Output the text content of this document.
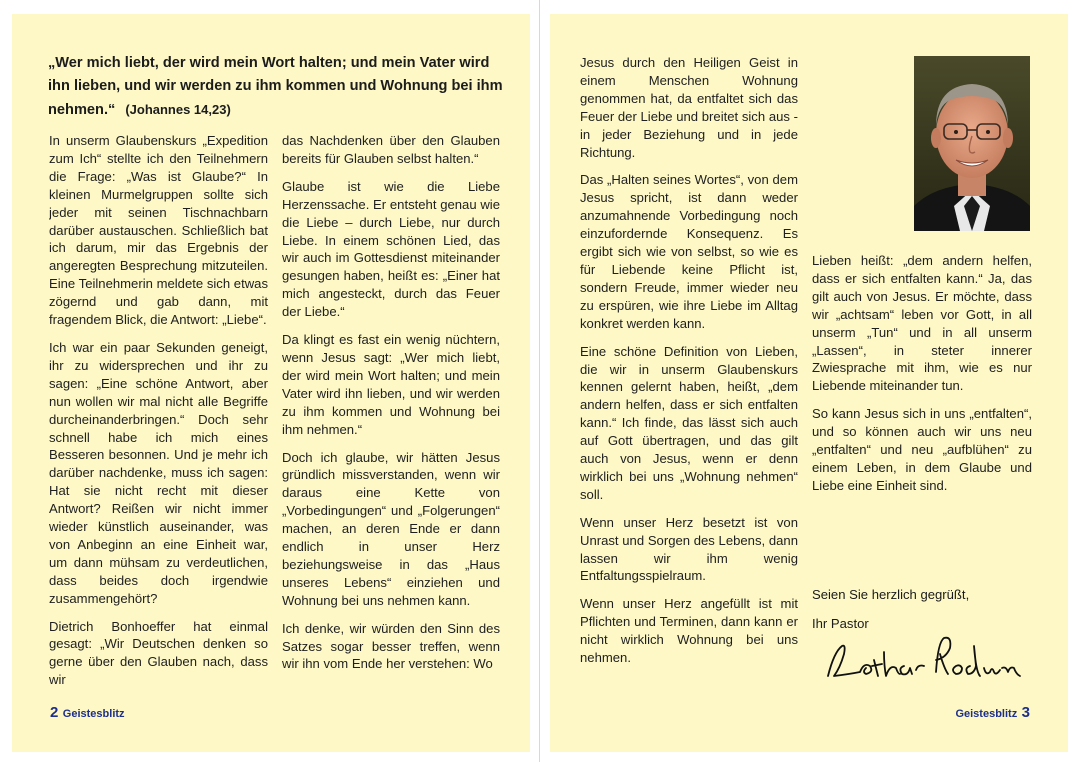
„Wer mich liebt, der wird mein Wort halten; und mein Vater wird ihn lieben, und wir werden zu ihm kommen und Wohnung bei ihm nehmen.“ (Johannes 14,23)

In unserm Glaubenskurs „Expedition zum Ich“ stellte ich den Teilnehmern die Frage: „Was ist Glaube?“ In kleinen Murmelgruppen sollte sich jeder mit seinen Tischnachbarn darüber austauschen. Schließlich bat ich darum, mir das Ergebnis der angeregten Besprechung mitzuteilen. Eine Teilnehmerin meldete sich etwas zögernd und gab dann, mit fragendem Blick, die Antwort: „Liebe“.

Ich war ein paar Sekunden geneigt, ihr zu widersprechen und ihr zu sagen: „Eine schöne Antwort, aber nun wollen wir mal nicht alle Begriffe durcheinanderbringen.“ Doch sehr schnell habe ich mich eines Besseren besonnen. Und je mehr ich darüber nachdenke, muss ich sagen: Hat sie nicht recht mit dieser Antwort? Reißen wir nicht immer wieder künstlich auseinander, was von Anbeginn an eine Einheit war, um dann mühsam zu verdeutlichen, dass beides doch irgendwie zusammengehört?

Dietrich Bonhoeffer hat einmal gesagt: „Wir Deutschen denken so gerne über den Glauben nach, dass wir

das Nachdenken über den Glauben bereits für Glauben selbst halten.“

Glaube ist wie die Liebe Herzenssache. Er entsteht genau wie die Liebe – durch Liebe, nur durch Liebe. In einem schönen Lied, das wir auch im Gottesdienst miteinander gesungen haben, heißt es: „Einer hat mich angesteckt, durch das Feuer der Liebe.“

Da klingt es fast ein wenig nüchtern, wenn Jesus sagt: „Wer mich liebt, der wird mein Wort halten; und mein Vater wird ihn lieben, und wir werden zu ihm kommen und Wohnung bei ihm nehmen.“

Doch ich glaube, wir hätten Jesus gründlich missverstanden, wenn wir daraus eine Kette von „Vorbedingungen“ und „Folgerungen“ machen, an deren Ende er dann endlich in unser Herz beziehungsweise in das „Haus unseres Lebens“ einziehen und Wohnung bei uns nehmen kann.

Ich denke, wir würden den Sinn des Satzes sogar besser treffen, wenn wir ihn vom Ende her verstehen: Wo

2 Geistesblitz

Jesus durch den Heiligen Geist in einem Menschen Wohnung genommen hat, da entfaltet sich das Feuer der Liebe und breitet sich aus - in jeder Beziehung und in jede Richtung.

Das „Halten seines Wortes“, von dem Jesus spricht, ist dann weder anzumahnende Vorbedingung noch einzufordernde Konsequenz. Es ergibt sich wie von selbst, so wie es für Liebende keine Pflicht ist, sondern Freude, immer wieder neu zu erspüren, wie ihre Liebe im Alltag konkret werden kann.

Eine schöne Definition von Lieben, die wir in unserm Glaubenskurs kennen gelernt haben, heißt, „dem andern helfen, dass er sich entfalten kann.“ Ich finde, das lässt sich auch auf Gott übertragen, und das gilt auch von Jesus, wenn er denn wirklich bei uns „Wohnung nehmen“ soll.

Wenn unser Herz besetzt ist von Unrast und Sorgen des Lebens, dann lassen wir ihm wenig Entfaltungsspielraum.

Wenn unser Herz angefüllt ist mit Pflichten und Terminen, dann kann er nicht wirklich Wohnung bei uns nehmen.

Lieben heißt: „dem andern helfen, dass er sich entfalten kann.“ Ja, das gilt auch von Jesus. Er möchte, dass wir „achtsam“ leben vor Gott, in all unserm „Tun“ und in all unserm „Lassen“, in steter innerer Zwiesprache mit ihm, wie es nur Liebende miteinander tun.

So kann Jesus sich in uns „entfalten“, und so können auch wir uns neu „entfalten“ und neu „aufblühen“ zu einem Leben, in dem Glaube und Liebe eine Einheit sind.

Seien Sie herzlich gegrüßt,
Ihr Pastor
Geistesblitz 3
